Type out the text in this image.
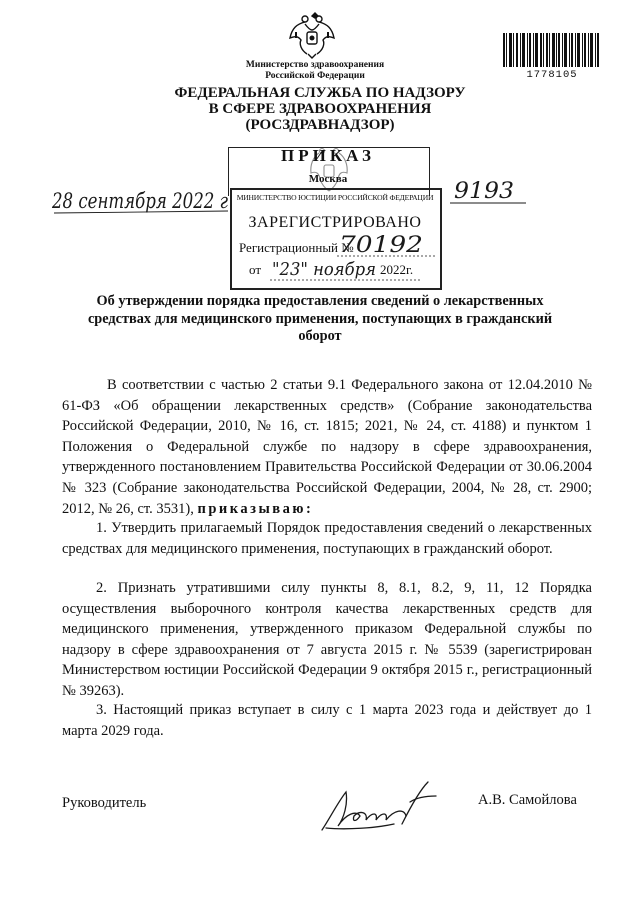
Министерство здравоохранения
Российской Федерации	1778105
ФЕДЕРАЛЬНАЯ СЛУЖБА ПО НАДЗОРУ
В СФЕРЕ ЗДРАВООХРАНЕНИЯ
(РОСЗДРАВНАДЗОР)
ПРИКАЗ
Москва
28 сентября 2022 г	9193
МИНИСТЕРСТВО ЮСТИЦИИ РОССИЙСКОЙ ФЕДЕРАЦИИ
ЗАРЕГИСТРИРОВАНО
Регистрационный №
70192
от "23" ноября 2022г.
Об утверждении порядка предоставления сведений о лекарственных
средствах для медицинского применения, поступающих в гражданский
оборот
В соответствии с частью 2 статьи 9.1 Федерального закона от 12.04.2010 № 61-ФЗ «Об обращении лекарственных средств» (Собрание законодательства Российской Федерации, 2010, № 16, ст. 1815; 2021, № 24, ст. 4188) и пунктом 1 Положения о Федеральной службе по надзору в сфере здравоохранения, утвержденного постановлением Правительства Российской Федерации от 30.06.2004 № 323 (Собрание законодательства Российской Федерации, 2004, № 28, ст. 2900; 2012, № 26, ст. 3531), приказываю:
1. Утвердить прилагаемый Порядок предоставления сведений о лекарственных средствах для медицинского применения, поступающих в гражданский оборот.
2. Признать утратившими силу пункты 8, 8.1, 8.2, 9, 11, 12 Порядка осуществления выборочного контроля качества лекарственных средств для медицинского применения, утвержденного приказом Федеральной службы по надзору в сфере здравоохранения от 7 августа 2015 г. № 5539 (зарегистрирован Министерством юстиции Российской Федерации 9 октября 2015 г., регистрационный № 39263).
3. Настоящий приказ вступает в силу с 1 марта 2023 года и действует до 1 марта 2029 года.
Руководитель	А.В. Самойлова
